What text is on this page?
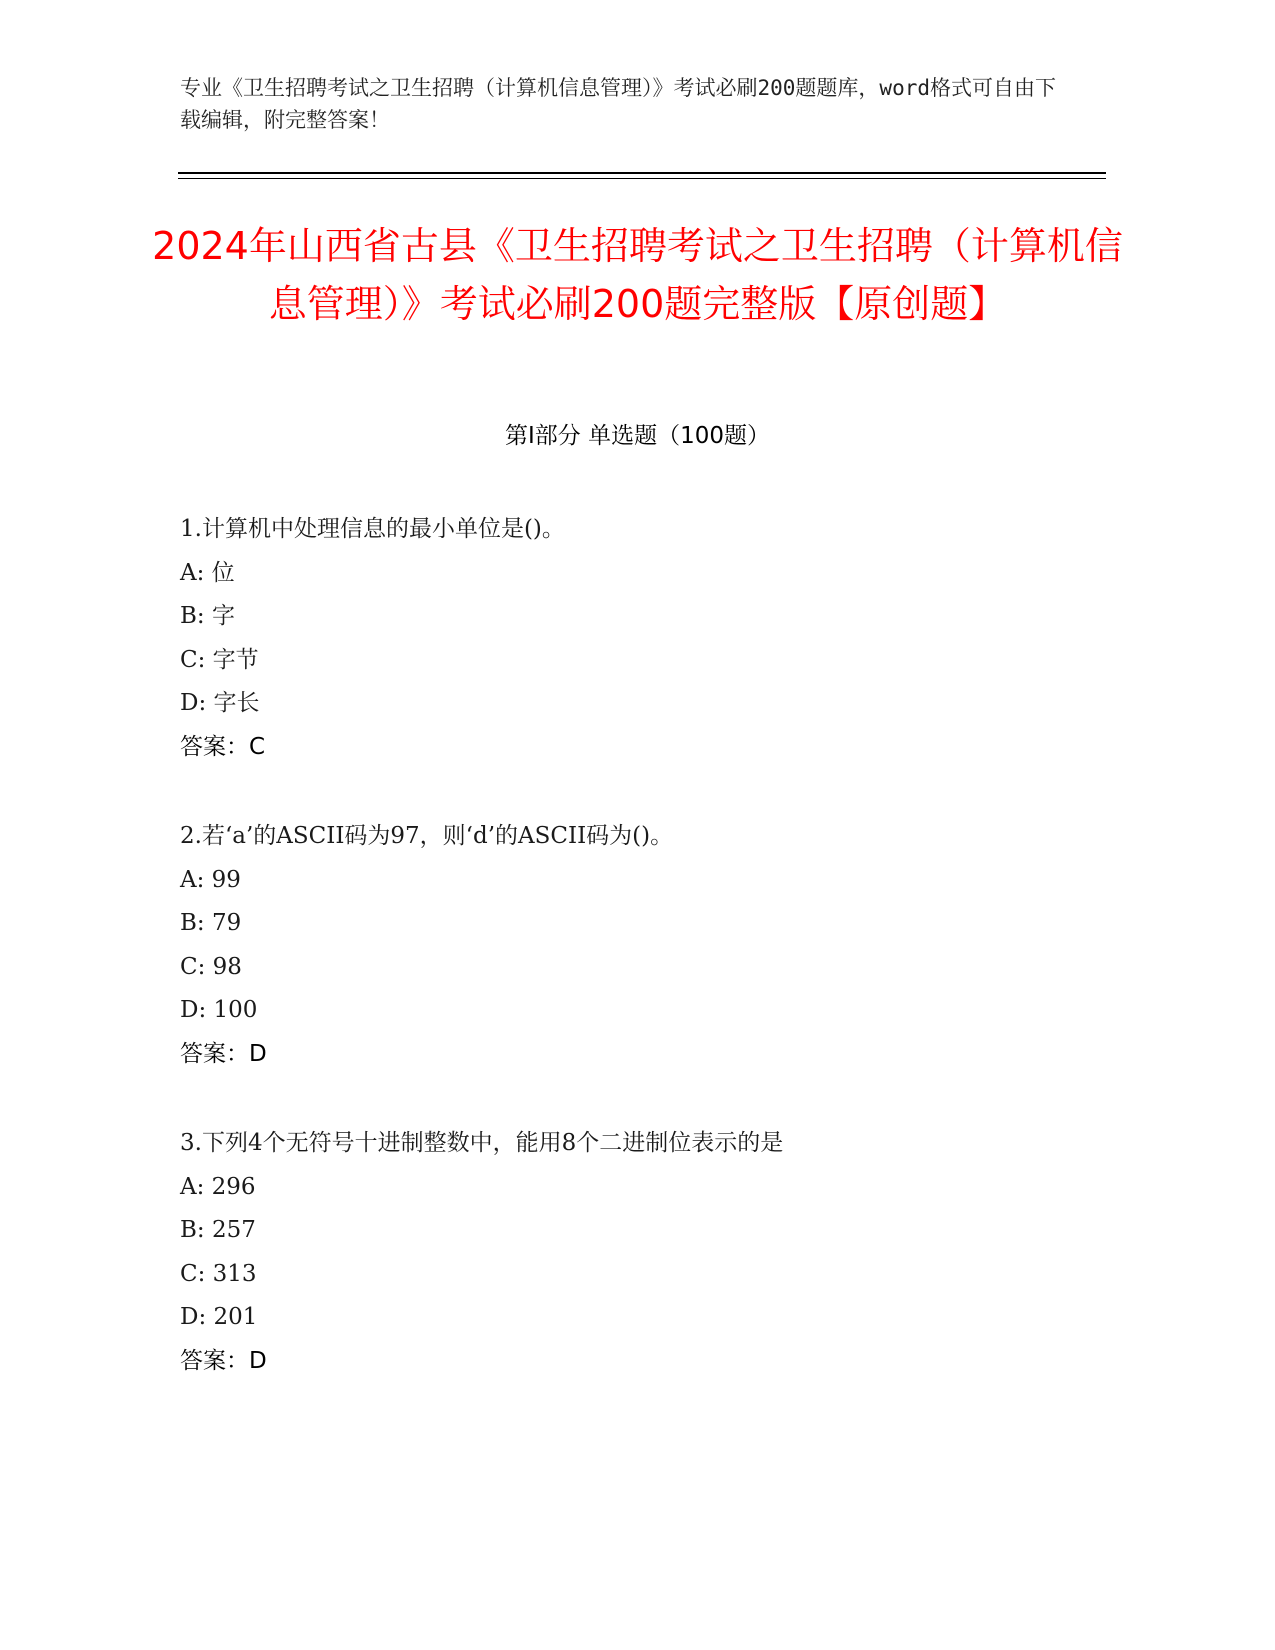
专业《卫生招聘考试之卫生招聘（计算机信息管理）》考试必刷200题题库，word格式可自由下载编辑，附完整答案！
2024年山西省古县《卫生招聘考试之卫生招聘（计算机信息管理）》考试必刷200题完整版【原创题】
第Ⅰ部分 单选题（100题）
1.计算机中处理信息的最小单位是()。
A: 位
B: 字
C: 字节
D: 字长
答案：C
2.若‘a’的ASCII码为97，则‘d’的ASCII码为()。
A: 99
B: 79
C: 98
D: 100
答案：D
3.下列4个无符号十进制整数中，能用8个二进制位表示的是
A: 296
B: 257
C: 313
D: 201
答案：D
